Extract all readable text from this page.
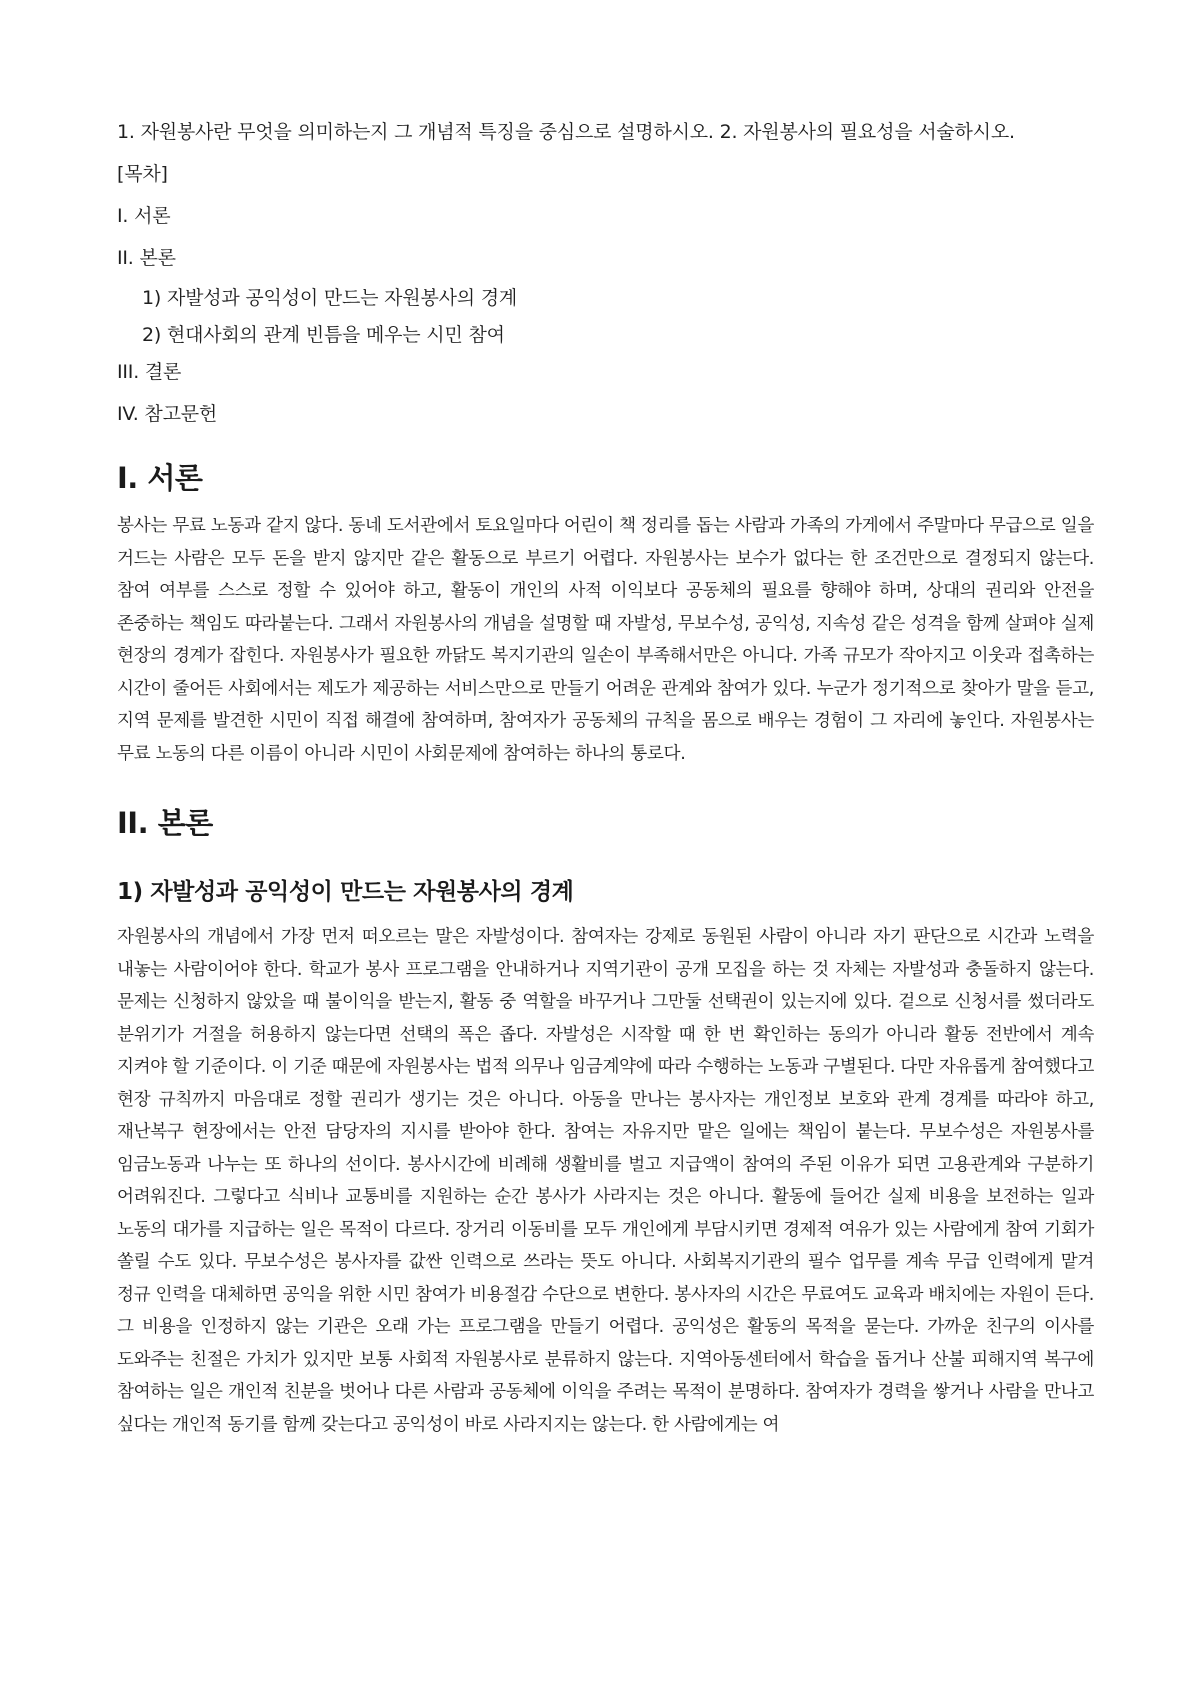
1. 자원봉사란 무엇을 의미하는지 그 개념적 특징을 중심으로 설명하시오. 2. 자원봉사의 필요성을 서술하시오.

[목차]

I. 서론

II. 본론

1) 자발성과 공익성이 만드는 자원봉사의 경계

2) 현대사회의 관계 빈틈을 메우는 시민 참여

III. 결론

IV. 참고문헌

I. 서론

봉사는 무료 노동과 같지 않다. 동네 도서관에서 토요일마다 어린이 책 정리를 돕는 사람과 가족의 가게에서 주말마다 무급으로 일을 거드는 사람은 모두 돈을 받지 않지만 같은 활동으로 부르기 어렵다. 자원봉사는 보수가 없다는 한 조건만으로 결정되지 않는다. 참여 여부를 스스로 정할 수 있어야 하고, 활동이 개인의 사적 이익보다 공동체의 필요를 향해야 하며, 상대의 권리와 안전을 존중하는 책임도 따라붙는다. 그래서 자원봉사의 개념을 설명할 때 자발성, 무보수성, 공익성, 지속성 같은 성격을 함께 살펴야 실제 현장의 경계가 잡힌다. 자원봉사가 필요한 까닭도 복지기관의 일손이 부족해서만은 아니다. 가족 규모가 작아지고 이웃과 접촉하는 시간이 줄어든 사회에서는 제도가 제공하는 서비스만으로 만들기 어려운 관계와 참여가 있다. 누군가 정기적으로 찾아가 말을 듣고, 지역 문제를 발견한 시민이 직접 해결에 참여하며, 참여자가 공동체의 규칙을 몸으로 배우는 경험이 그 자리에 놓인다. 자원봉사는 무료 노동의 다른 이름이 아니라 시민이 사회문제에 참여하는 하나의 통로다.

II. 본론
1) 자발성과 공익성이 만드는 자원봉사의 경계

자원봉사의 개념에서 가장 먼저 떠오르는 말은 자발성이다. 참여자는 강제로 동원된 사람이 아니라 자기 판단으로 시간과 노력을 내놓는 사람이어야 한다. 학교가 봉사 프로그램을 안내하거나 지역기관이 공개 모집을 하는 것 자체는 자발성과 충돌하지 않는다. 문제는 신청하지 않았을 때 불이익을 받는지, 활동 중 역할을 바꾸거나 그만둘 선택권이 있는지에 있다. 겉으로 신청서를 썼더라도 분위기가 거절을 허용하지 않는다면 선택의 폭은 좁다. 자발성은 시작할 때 한 번 확인하는 동의가 아니라 활동 전반에서 계속 지켜야 할 기준이다. 이 기준 때문에 자원봉사는 법적 의무나 임금계약에 따라 수행하는 노동과 구별된다. 다만 자유롭게 참여했다고 현장 규칙까지 마음대로 정할 권리가 생기는 것은 아니다. 아동을 만나는 봉사자는 개인정보 보호와 관계 경계를 따라야 하고, 재난복구 현장에서는 안전 담당자의 지시를 받아야 한다. 참여는 자유지만 맡은 일에는 책임이 붙는다. 무보수성은 자원봉사를 임금노동과 나누는 또 하나의 선이다. 봉사시간에 비례해 생활비를 벌고 지급액이 참여의 주된 이유가 되면 고용관계와 구분하기 어려워진다. 그렇다고 식비나 교통비를 지원하는 순간 봉사가 사라지는 것은 아니다. 활동에 들어간 실제 비용을 보전하는 일과 노동의 대가를 지급하는 일은 목적이 다르다. 장거리 이동비를 모두 개인에게 부담시키면 경제적 여유가 있는 사람에게 참여 기회가 쏠릴 수도 있다. 무보수성은 봉사자를 값싼 인력으로 쓰라는 뜻도 아니다. 사회복지기관의 필수 업무를 계속 무급 인력에게 맡겨 정규 인력을 대체하면 공익을 위한 시민 참여가 비용절감 수단으로 변한다. 봉사자의 시간은 무료여도 교육과 배치에는 자원이 든다. 그 비용을 인정하지 않는 기관은 오래 가는 프로그램을 만들기 어렵다. 공익성은 활동의 목적을 묻는다. 가까운 친구의 이사를 도와주는 친절은 가치가 있지만 보통 사회적 자원봉사로 분류하지 않는다. 지역아동센터에서 학습을 돕거나 산불 피해지역 복구에 참여하는 일은 개인적 친분을 벗어나 다른 사람과 공동체에 이익을 주려는 목적이 분명하다. 참여자가 경력을 쌓거나 사람을 만나고 싶다는 개인적 동기를 함께 갖는다고 공익성이 바로 사라지지는 않는다. 한 사람에게는 여
